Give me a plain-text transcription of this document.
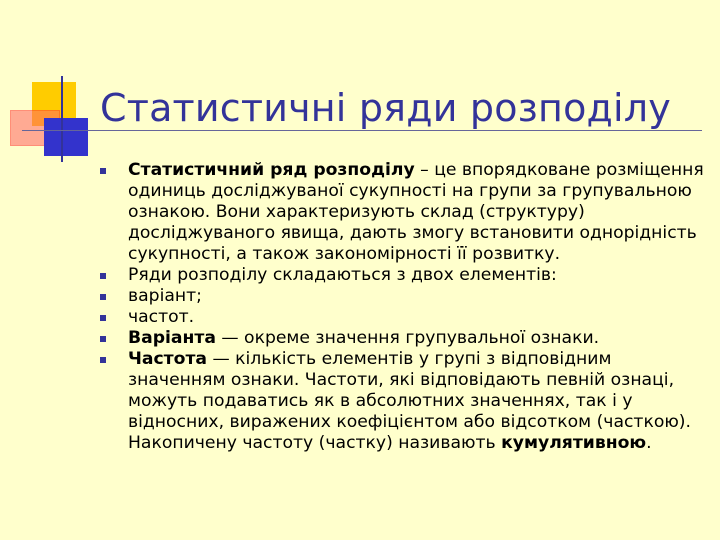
Статистичні ряди розподілу
Статистичний ряд розподілу – це впорядковане розміщення одиниць досліджуваної сукупності на групи за групувальною ознакою. Вони характеризують склад (структуру) досліджуваного явища, дають змогу встановити однорідність сукупності, а також закономірності її розвитку.
Ряди розподілу складаються з двох елементів:
варіант;
частот.
Варіанта — окреме значення групувальної ознаки.
Частота — кількість елементів у групі з відповідним значенням ознаки. Частоти, які відповідають певній ознаці, можуть подаватись як в абсолютних значеннях, так і у відносних, виражених коефіцієнтом або відсотком (часткою). Накопичену частоту (частку) називають кумулятивною.
